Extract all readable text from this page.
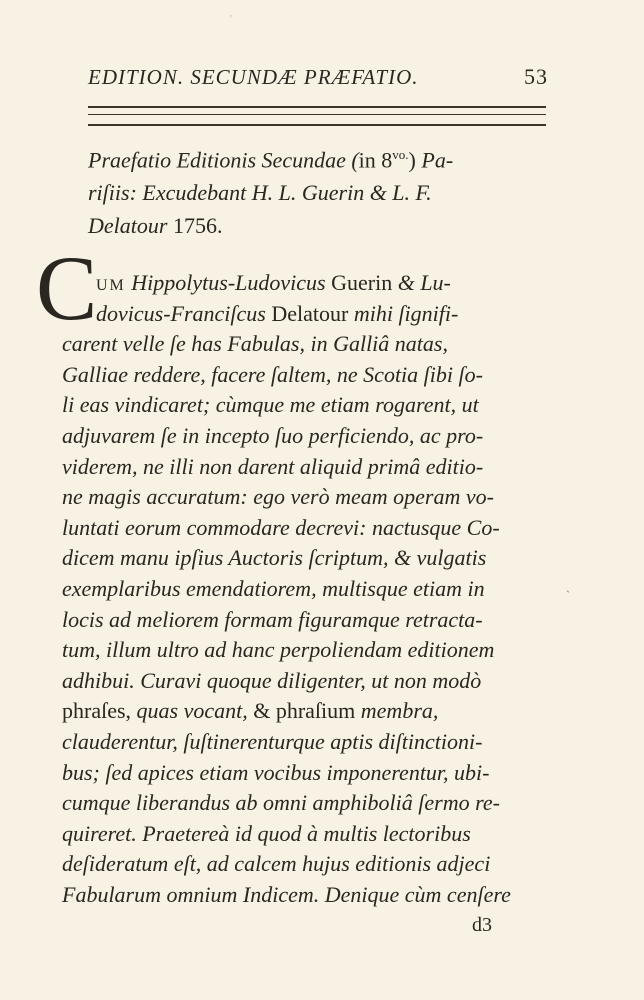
'
EDITION. SECUNDÆ PRÆFATIO.	53
Praefatio Editionis Secundae (in $8^{vo.}$) Pa-
riſiis: Excudebant H. L. Guerin & L. F.
Delatour 1756.
C
UM Hippolytus-Ludovicus Guerin & Lu-
dovicus-Franciſcus Delatour mihi ſignifi-
carent velle ſe has Fabulas, in Galliâ natas,
Galliae reddere, facere ſaltem, ne Scotia ſibi ſo-
li eas vindicaret; cùmque me etiam rogarent, ut
adjuvarem ſe in incepto ſuo perficiendo, ac pro-
viderem, ne illi non darent aliquid primâ editio-
ne magis accuratum: ego verò meam operam vo-
luntati eorum commodare decrevi: nactusque Co-
dicem manu ipſius Auctoris ſcriptum, & vulgatis
exemplaribus emendatiorem, multisque etiam in
locis ad meliorem formam figuramque retracta-
tum, illum ultro ad hanc perpoliendam editionem
adhibui. Curavi quoque diligenter, ut non modò
phraſes, quas vocant, & phraſium membra,
clauderentur, ſuſtinerenturque aptis diſtinctioni-
bus; ſed apices etiam vocibus imponerentur, ubi-
cumque liberandus ab omni amphiboliâ ſermo re-
quireret. Praetereà id quod à multis lectoribus
deſideratum eſt, ad calcem hujus editionis adjeci
Fabularum omnium Indicem. Denique cùm cenſere
`
d3
